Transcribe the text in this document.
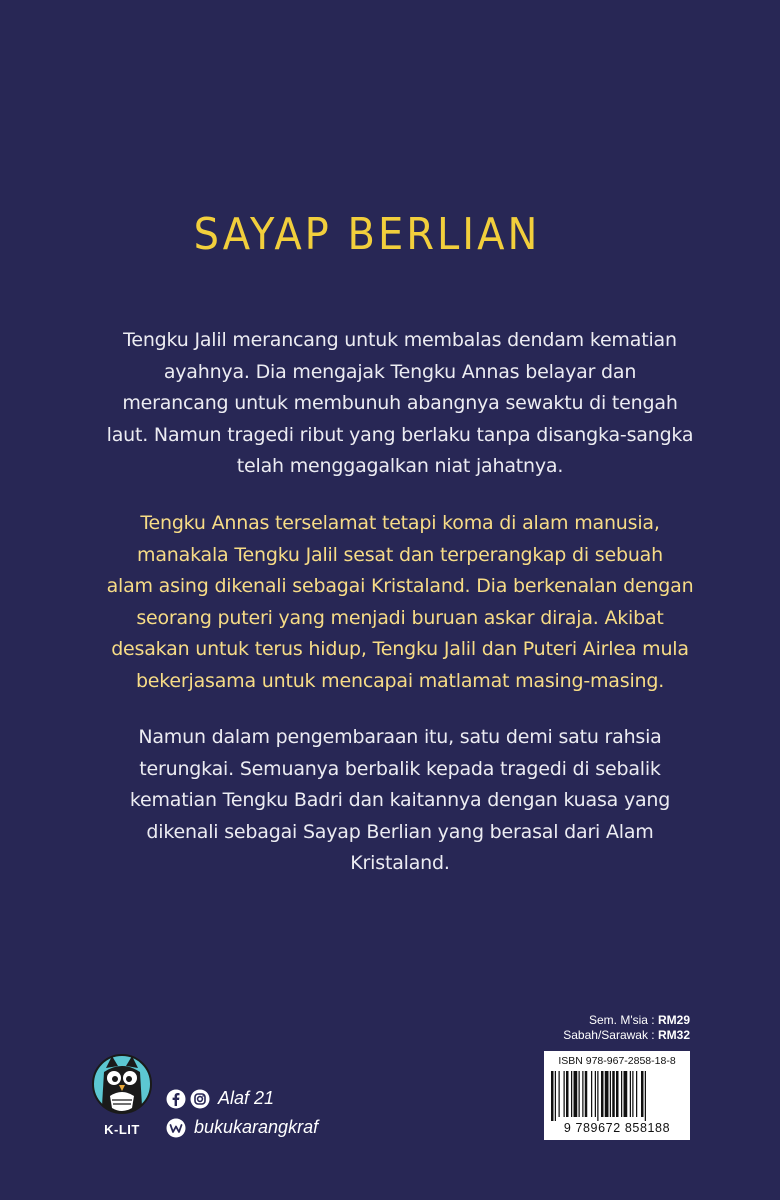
SAYAP BERLIAN
Tengku Jalil merancang untuk membalas dendam kematian
ayahnya. Dia mengajak Tengku Annas belayar dan
merancang untuk membunuh abangnya sewaktu di tengah
laut. Namun tragedi ribut yang berlaku tanpa disangka-sangka
telah menggagalkan niat jahatnya.
Tengku Annas terselamat tetapi koma di alam manusia,
manakala Tengku Jalil sesat dan terperangkap di sebuah
alam asing dikenali sebagai Kristaland. Dia berkenalan dengan
seorang puteri yang menjadi buruan askar diraja. Akibat
desakan untuk terus hidup, Tengku Jalil dan Puteri Airlea mula
bekerjasama untuk mencapai matlamat masing-masing.
Namun dalam pengembaraan itu, satu demi satu rahsia
terungkai. Semuanya berbalik kepada tragedi di sebalik
kematian Tengku Badri dan kaitannya dengan kuasa yang
dikenali sebagai Sayap Berlian yang berasal dari Alam
Kristaland.
Sem. M'sia : RM29
Sabah/Sarawak : RM32
ISBN 978-967-2858-18-8
9 789672 858188
K-LIT
Alaf 21
bukukarangkraf
